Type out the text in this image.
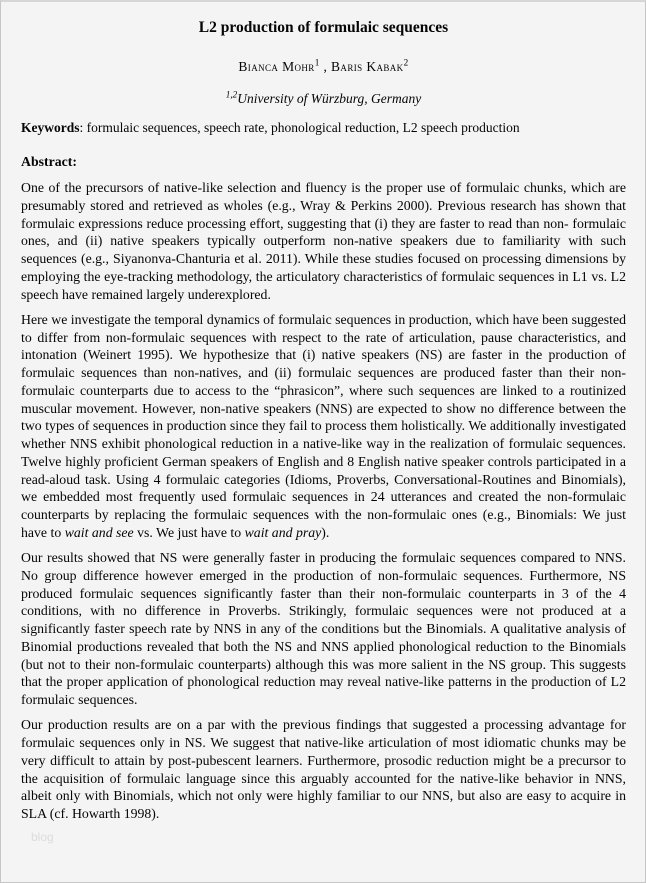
L2 production of formulaic sequences
Bianca Mohr$^1$ , Baris Kabak$^2$
$^{1,2}$University of Würzburg, Germany
Keywords: formulaic sequences, speech rate, phonological reduction, L2 speech production
Abstract:

One of the precursors of native-like selection and fluency is the proper use of formulaic chunks, which are presumably stored and retrieved as wholes (e.g., Wray & Perkins 2000). Previous research has shown that formulaic expressions reduce processing effort, suggesting that (i) they are faster to read than non- formulaic ones, and (ii) native speakers typically outperform non-native speakers due to familiarity with such sequences (e.g., Siyanonva-Chanturia et al. 2011). While these studies focused on processing dimensions by employing the eye-tracking methodology, the articulatory characteristics of formulaic sequences in L1 vs. L2 speech have remained largely underexplored.

Here we investigate the temporal dynamics of formulaic sequences in production, which have been suggested to differ from non-formulaic sequences with respect to the rate of articulation, pause characteristics, and intonation (Weinert 1995). We hypothesize that (i) native speakers (NS) are faster in the production of formulaic sequences than non-natives, and (ii) formulaic sequences are produced faster than their non- formulaic counterparts due to access to the “phrasicon”, where such sequences are linked to a routinized muscular movement. However, non-native speakers (NNS) are expected to show no difference between the two types of sequences in production since they fail to process them holistically. We additionally investigated whether NNS exhibit phonological reduction in a native-like way in the realization of formulaic sequences. Twelve highly proficient German speakers of English and 8 English native speaker controls participated in a read-aloud task. Using 4 formulaic categories (Idioms, Proverbs, Conversational-Routines and Binomials), we embedded most frequently used formulaic sequences in 24 utterances and created the non-formulaic counterparts by replacing the formulaic sequences with the non-formulaic ones (e.g., Binomials: We just have to wait and see vs. We just have to wait and pray).

Our results showed that NS were generally faster in producing the formulaic sequences compared to NNS. No group difference however emerged in the production of non-formulaic sequences. Furthermore, NS produced formulaic sequences significantly faster than their non-formulaic counterparts in 3 of the 4 conditions, with no difference in Proverbs. Strikingly, formulaic sequences were not produced at a significantly faster speech rate by NNS in any of the conditions but the Binomials. A qualitative analysis of Binomial productions revealed that both the NS and NNS applied phonological reduction to the Binomials (but not to their non-formulaic counterparts) although this was more salient in the NS group. This suggests that the proper application of phonological reduction may reveal native-like patterns in the production of L2 formulaic sequences.

Our production results are on a par with the previous findings that suggested a processing advantage for formulaic sequences only in NS. We suggest that native-like articulation of most idiomatic chunks may be very difficult to attain by post-pubescent learners. Furthermore, prosodic reduction might be a precursor to the acquisition of formulaic language since this arguably accounted for the native-like behavior in NNS, albeit only with Binomials, which not only were highly familiar to our NNS, but also are easy to acquire in SLA (cf. Howarth 1998).

blog
